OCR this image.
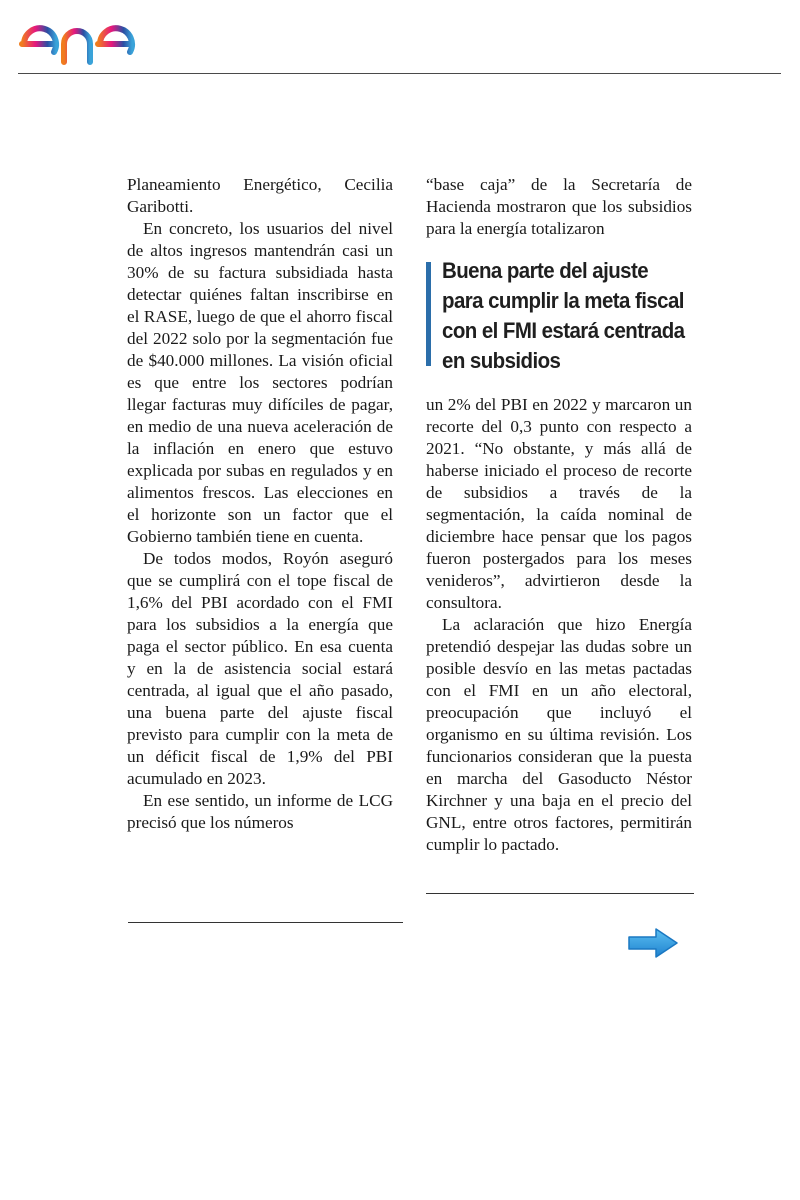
Planeamiento Energético, Cecilia Garibotti.

En concreto, los usuarios del nivel de altos ingresos mantendrán casi un 30% de su factura subsidiada hasta detectar quiénes faltan inscribirse en el RASE, luego de que el ahorro fiscal del 2022 solo por la segmentación fue de $40.000 millones. La visión oficial es que entre los sectores podrían llegar facturas muy difíciles de pagar, en medio de una nueva aceleración de la inflación en enero que estuvo explicada por subas en regulados y en alimentos frescos. Las elecciones en el horizonte son un factor que el Gobierno también tiene en cuenta.

De todos modos, Royón aseguró que se cumplirá con el tope fiscal de 1,6% del PBI acordado con el FMI para los subsidios a la energía que paga el sector público. En esa cuenta y en la de asistencia social estará centrada, al igual que el año pasado, una buena parte del ajuste fiscal previsto para cumplir con la meta de un déficit fiscal de 1,9% del PBI acumulado en 2023.

En ese sentido, un informe de LCG precisó que los números

“base caja” de la Secretaría de Hacienda mostraron que los subsidios para la energía totalizaron

Buena parte del ajuste para cumplir la meta fiscal con el FMI estará centrada en subsidios

un 2% del PBI en 2022 y marcaron un recorte del 0,3 punto con respecto a 2021. “No obstante, y más allá de haberse iniciado el proceso de recorte de subsidios a través de la segmentación, la caída nominal de diciembre hace pensar que los pagos fueron postergados para los meses venideros”, advirtieron desde la consultora.

La aclaración que hizo Energía pretendió despejar las dudas sobre un posible desvío en las metas pactadas con el FMI en un año electoral, preocupación que incluyó el organismo en su última revisión. Los funcionarios consideran que la puesta en marcha del Gasoducto Néstor Kirchner y una baja en el precio del GNL, entre otros factores, permitirán cumplir lo pactado.
